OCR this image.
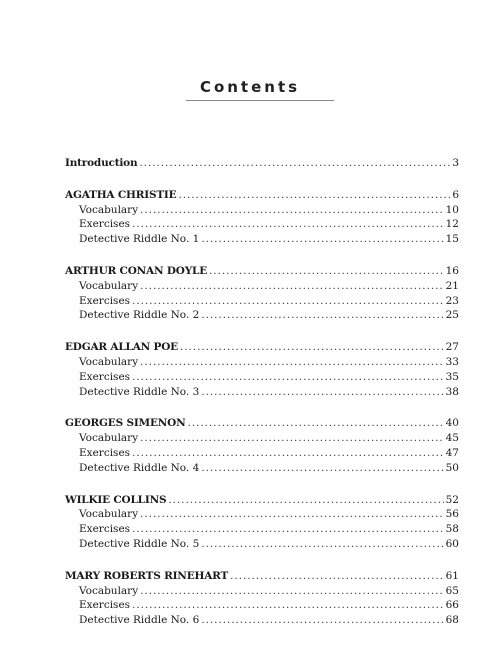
Contents
Introduction . . .	3
AGATHA CHRISTIE . . .	6
Vocabulary . . .	10
Exercises . . .	12
Detective Riddle No. 1 . . .	15
ARTHUR CONAN DOYLE . . .	16
Vocabulary . . .	21
Exercises . . .	23
Detective Riddle No. 2 . . .	25
EDGAR ALLAN POE . . .	27
Vocabulary . . .	33
Exercises . . .	35
Detective Riddle No. 3 . . .	38
GEORGES SIMENON . . .	40
Vocabulary . . .	45
Exercises . . .	47
Detective Riddle No. 4 . . .	50
WILKIE COLLINS . . .	52
Vocabulary . . .	56
Exercises . . .	58
Detective Riddle No. 5 . . .	60
MARY ROBERTS RINEHART . . .	61
Vocabulary . . .	65
Exercises . . .	66
Detective Riddle No. 6 . . .	68
